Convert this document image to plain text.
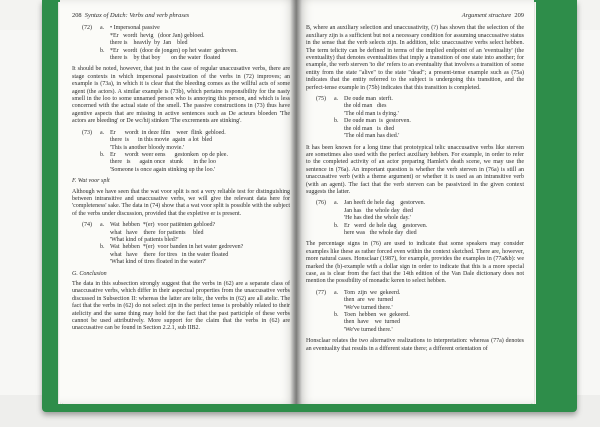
208 Syntax of Dutch: Verbs and verb phrases
(72)	a. • Impersonal passive
*Er   wordt  hevig   (door Jan) gebloed.
there is    heavily  by  Jan    bled
b. *Er   wordt  (door de jongen) op het water  gedreven.
there is    by that boy       on the water  floated

It should be noted, however, that just in the case of regular unaccusative verbs, there are stage contexts in which impersonal passivization of the verbs in (72) improves; an example is (73a), in which it is clear that the bleeding comes as the willful acts of some agent (the actors). A similar example is (73b), which pertains responsibility for the nasty smell in the loo to some unnamed person who is annoying this person, and which is less concerned with the actual state of the smell. The passive constructions in (73) thus have agentive aspects that are missing in active sentences such as De acteurs bloeden 'The actors are bleeding' or De wc/hij stinken 'The excrements are stinking'.

(73)	a. Er      wordt  in deze film    weer  flink  gebloed.
there  is      in this movie  again  a lot  bled
'This is another bloody movie.'
b. Er      wordt  weer eens      gestonken  op de plee.
there   is      again once   stunk       in the loo
'Someone is once again stinking up the loo.'
F. Wat voor splt

Although we have seen that the wat voor split is not a very reliable test for distinguishing between intransitive and unaccusative verbs, we will give the relevant data here for 'completeness' sake. The data in (74) show that a wat voor split is possible with the subject of the verbs under discussion, provided that the expletive er is present.

(74)	a. Wat  hebben  *(er)  voor patiënten gebloed?
what   have    there  for patients     bled
'What kind of patients bled?'
b. Wat  hebben  *(er)  voor banden in het water gedreven?
what   have    there  for tires   in the water floated
'What kind of tires floated in the water?'
G. Conclusion

The data in this subsection strongly suggest that the verbs in (62) are a separate class of unaccusative verbs, which differ in their aspectual properties from the unaccusative verbs discussed in Subsection II: whereas the latter are telic, the verbs in (62) are all atelic. The fact that the verbs in (62) do not select zijn in the perfect tense is probably related to their atelicity and the same thing may hold for the fact that the past participle of these verbs cannot be used attributively. More support for the claim that the verbs in (62) are unaccusative can be found in Section 2.2.1, sub IIB2.

Argument structure 209

B, where an auxiliary selection and unaccusativity, (?) has shown that the selection of the auxiliary zijn is a sufficient but not a necessary condition for assuming unaccusative status in the sense that the verb selects zijn. In addition, telic unaccusative verbs select hebben. The term telicity can be defined in terms of the implied endpoint of an 'eventuality' (the eventuality) that denotes eventualities that imply a transition of one state into another; for example, the verb sterven 'to die' refers to an eventuality that involves a transition of some entity from the state "alive" to the state "dead"; a present-tense example such as (75a) indicates that the entity referred to the subject is undergoing this transition, and the perfect-tense example in (75b) indicates that this transition is completed.

(75)	a. De oude man  sterft.
the old man   dies
'The old man is dying.'
b. De oude man  is  gestorven.
the old man   is  died
'The old man has died.'

It has been known for a long time that prototypical telic unaccusative verbs like sterven are sometimes also used with the perfect auxiliary hebben. For example, in order to refer to the completed activity of an actor preparing Hamlet's death scene, we may use the sentence in (76a). An important question is whether the verb sterven in (76a) is still an unaccusative verb (with a theme argument) or whether it is used as an intransitive verb (with an agent). The fact that the verb sterven can be passivized in the given context suggests the latter.

(76)	a. Jan heeft de hele dag    gestorven.
Jan has   the whole day  died
'He has died the whole day.'
b. Er   werd  de hele dag    gestorven.
here was   the whole day  died

The percentage signs in (76) are used to indicate that some speakers may consider examples like these as rather forced even within the context sketched. There are, however, more natural cases. Honsclaar (1987), for example, provides the examples in (77a&b): we marked the (b)-example with a dollar sign in order to indicate that this is a more special case, as is clear from the fact that the 14th edition of the Van Dale dictionary does not mention the possibility of monadic keren to select hebben.

(77)	a. Tom  zijn  we  gekeerd.
then  are  we  turned
'We've turned there.'
b. Toen  hebben  we  gekeerd.
then  have    we  turned
'We've turned there.'

Honsclaar relates the two alternative realizations to interpretation: whereas (77a) denotes an eventuality that results in a different state there; a different orientation of
